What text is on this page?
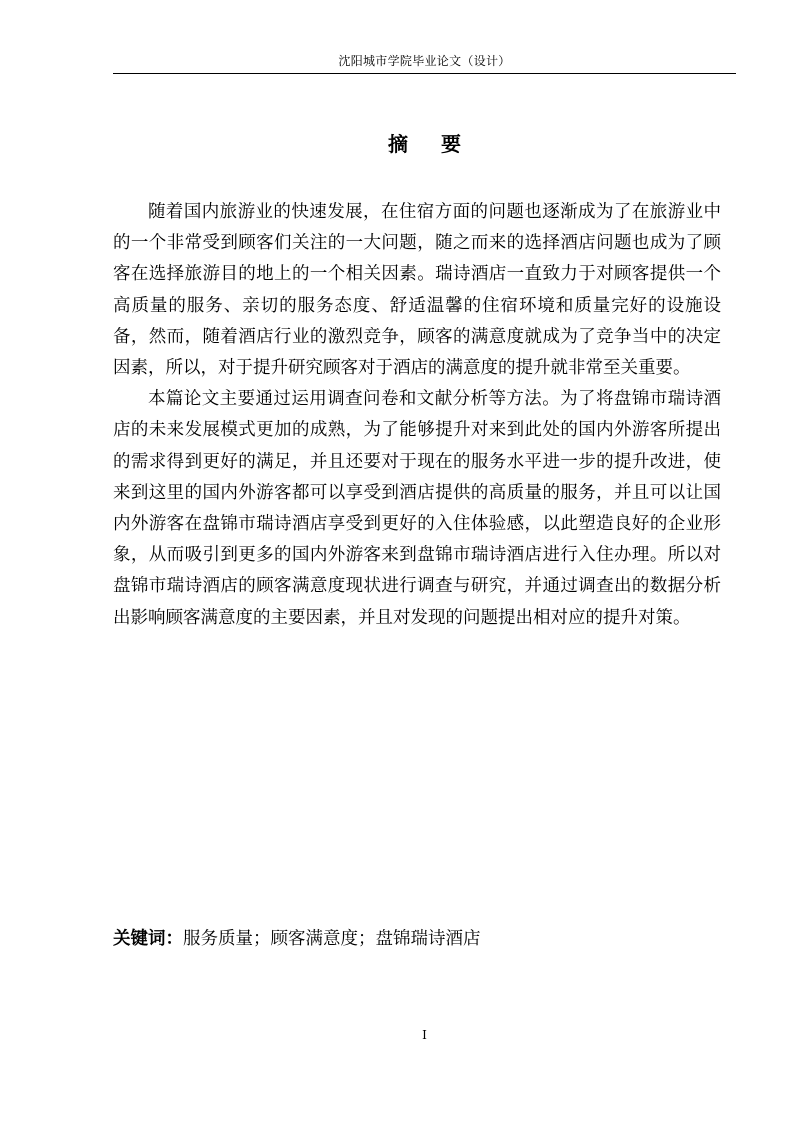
沈阳城市学院毕业论文（设计）
摘 要

随着国内旅游业的快速发展，在住宿方面的问题也逐渐成为了在旅游业中的一个非常受到顾客们关注的一大问题，随之而来的选择酒店问题也成为了顾客在选择旅游目的地上的一个相关因素。瑞诗酒店一直致力于对顾客提供一个高质量的服务、亲切的服务态度、舒适温馨的住宿环境和质量完好的设施设备，然而，随着酒店行业的激烈竞争，顾客的满意度就成为了竞争当中的决定因素，所以，对于提升研究顾客对于酒店的满意度的提升就非常至关重要。

本篇论文主要通过运用调查问卷和文献分析等方法。为了将盘锦市瑞诗酒店的未来发展模式更加的成熟，为了能够提升对来到此处的国内外游客所提出的需求得到更好的满足，并且还要对于现在的服务水平进一步的提升改进，使来到这里的国内外游客都可以享受到酒店提供的高质量的服务，并且可以让国内外游客在盘锦市瑞诗酒店享受到更好的入住体验感，以此塑造良好的企业形象，从而吸引到更多的国内外游客来到盘锦市瑞诗酒店进行入住办理。所以对盘锦市瑞诗酒店的顾客满意度现状进行调查与研究，并通过调查出的数据分析出影响顾客满意度的主要因素，并且对发现的问题提出相对应的提升对策。

关键词：服务质量；顾客满意度；盘锦瑞诗酒店
I
